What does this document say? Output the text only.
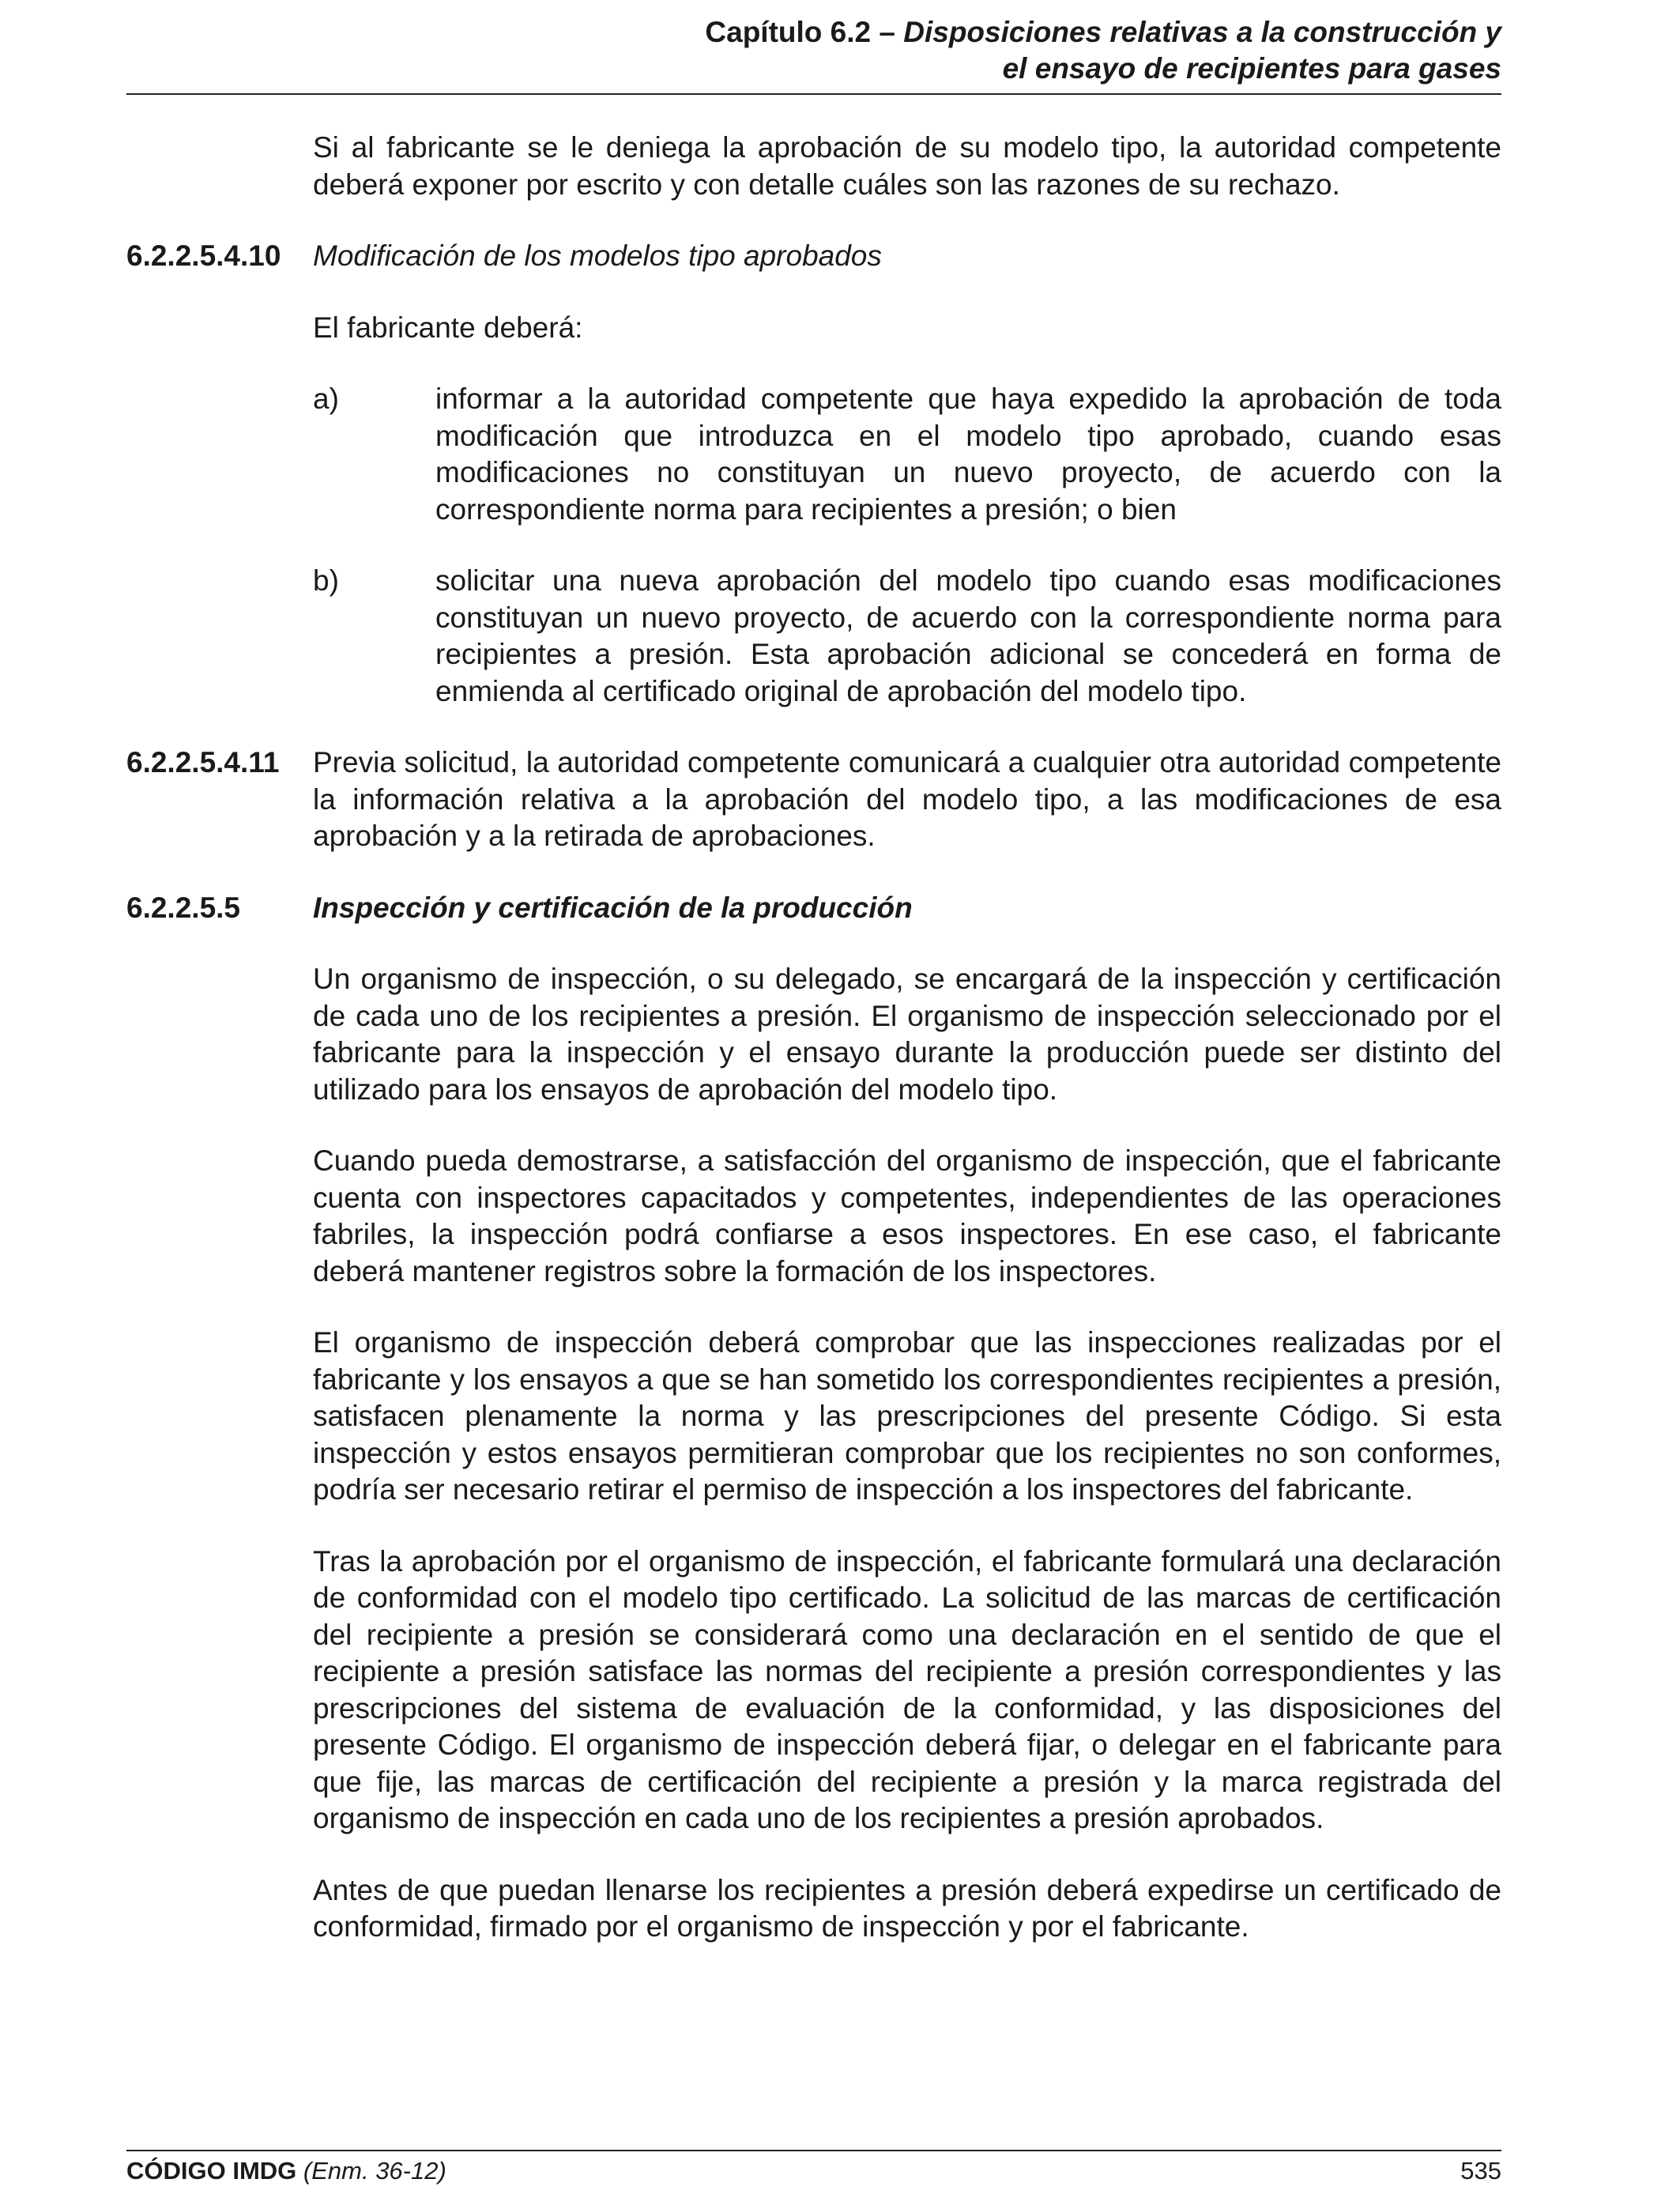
Capítulo 6.2 – Disposiciones relativas a la construcción y
el ensayo de recipientes para gases
Si al fabricante se le deniega la aprobación de su modelo tipo, la autoridad competente deberá exponer por escrito y con detalle cuáles son las razones de su rechazo.
6.2.2.5.4.10 Modificación de los modelos tipo aprobados
El fabricante deberá:
a)	informar a la autoridad competente que haya expedido la aprobación de toda modificación que introduzca en el modelo tipo aprobado, cuando esas modificaciones no constituyan un nuevo proyecto, de acuerdo con la correspondiente norma para recipientes a presión; o bien
b)	solicitar una nueva aprobación del modelo tipo cuando esas modificaciones constituyan un nuevo proyecto, de acuerdo con la correspondiente norma para recipientes a presión. Esta aprobación adicional se concederá en forma de enmienda al certificado original de aprobación del modelo tipo.
6.2.2.5.4.11 Previa solicitud, la autoridad competente comunicará a cualquier otra autoridad competente la información relativa a la aprobación del modelo tipo, a las modificaciones de esa aprobación y a la retirada de aprobaciones.
6.2.2.5.5 Inspección y certificación de la producción
Un organismo de inspección, o su delegado, se encargará de la inspección y certificación de cada uno de los recipientes a presión. El organismo de inspección seleccionado por el fabricante para la inspección y el ensayo durante la producción puede ser distinto del utilizado para los ensayos de aprobación del modelo tipo.
Cuando pueda demostrarse, a satisfacción del organismo de inspección, que el fabricante cuenta con inspectores capacitados y competentes, independientes de las operaciones fabriles, la inspección podrá confiarse a esos inspectores. En ese caso, el fabricante deberá mantener registros sobre la formación de los inspectores.
El organismo de inspección deberá comprobar que las inspecciones realizadas por el fabricante y los ensayos a que se han sometido los correspondientes recipientes a presión, satisfacen plenamente la norma y las prescripciones del presente Código. Si esta inspección y estos ensayos permitieran comprobar que los recipientes no son conformes, podría ser necesario retirar el permiso de inspección a los inspectores del fabricante.
Tras la aprobación por el organismo de inspección, el fabricante formulará una declaración de conformidad con el modelo tipo certificado. La solicitud de las marcas de certificación del recipiente a presión se considerará como una declaración en el sentido de que el recipiente a presión satisface las normas del recipiente a presión correspondientes y las prescripciones del sistema de evaluación de la conformidad, y las disposiciones del presente Código. El organismo de inspección deberá fijar, o delegar en el fabricante para que fije, las marcas de certificación del recipiente a presión y la marca registrada del organismo de inspección en cada uno de los recipientes a presión aprobados.
Antes de que puedan llenarse los recipientes a presión deberá expedirse un certificado de conformidad, firmado por el organismo de inspección y por el fabricante.
CÓDIGO IMDG (Enm. 36-12)	535
